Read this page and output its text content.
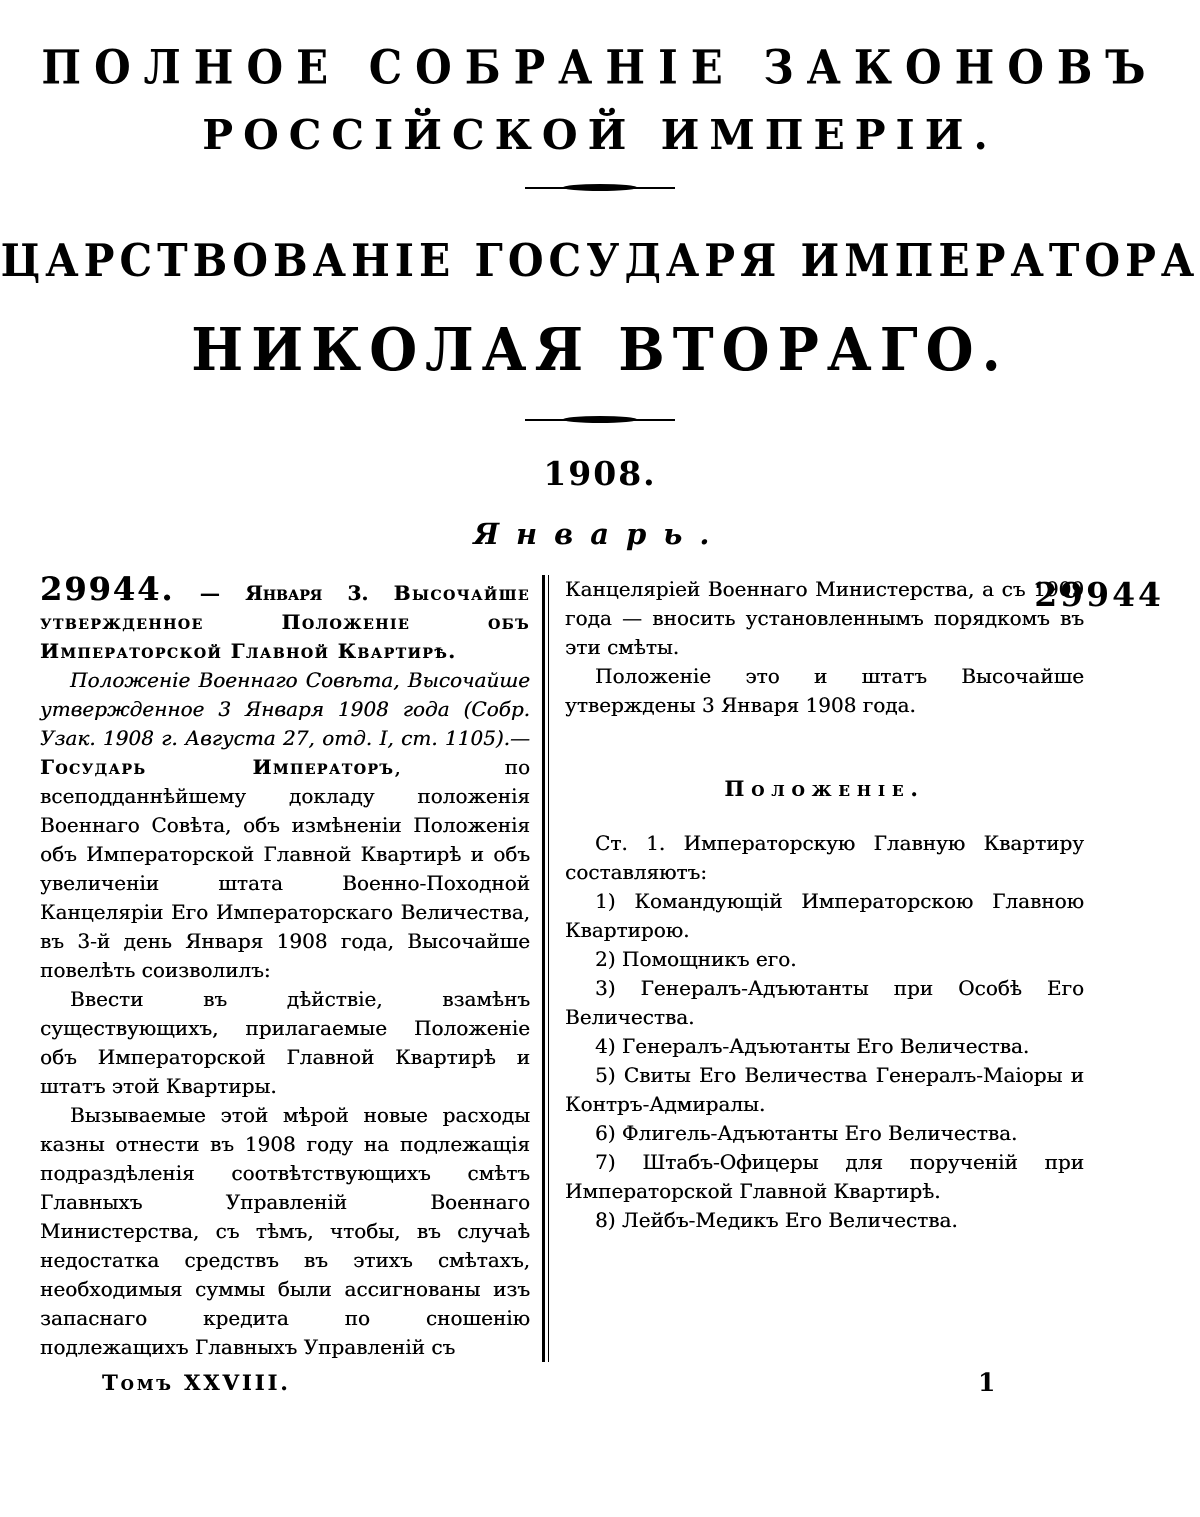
ПОЛНОЕ СОБРАНІЕ ЗАКОНОВЪ
РОССІЙСКОЙ ИМПЕРІИ.
ЦАРСТВОВАНІЕ ГОСУДАРЯ ИМПЕРАТОРА
НИКОЛАЯ ВТОРАГО.
1908.
Январь.
29944

29944. — Января 3. Высочайше утвержденное Положеніе объ Императорской Главной Квартирѣ.

Положеніе Военнаго Совѣта, Высочайше утвержденное 3 Января 1908 года (Собр. Узак. 1908 г. Августа 27, отд. I, ст. 1105).—Государь Императоръ, по всеподданнѣйшему докладу положенія Военнаго Совѣта, объ измѣненіи Положенія объ Императорской Главной Квартирѣ и объ увеличеніи штата Военно-Походной Канцеляріи Его Императорскаго Величества, въ 3-й день Января 1908 года, Высочайше повелѣть соизволилъ:

Ввести въ дѣйствіе, взамѣнъ существующихъ, прилагаемые Положеніе объ Императорской Главной Квартирѣ и штатъ этой Квартиры.

Вызываемые этой мѣрой новые расходы казны отнести въ 1908 году на подлежащія подраздѣленія соотвѣтствующихъ смѣтъ Главныхъ Управленій Военнаго Министерства, съ тѣмъ, чтобы, въ случаѣ недостатка средствъ въ этихъ смѣтахъ, необходимыя суммы были ассигнованы изъ запаснаго кредита по сношенію подлежащихъ Главныхъ Управленій съ

Канцеляріей Военнаго Министерства, а съ 1909 года — вносить установленнымъ порядкомъ въ эти смѣты.

Положеніе это и штатъ Высочайше утверждены 3 Января 1908 года.

Положеніе.

Ст. 1. Императорскую Главную Квартиру составляютъ:

1) Командующій Императорскою Главною Квартирою.
2) Помощникъ его.
3) Генералъ-Адъютанты при Особѣ Его Величества.
4) Генералъ-Адъютанты Его Величества.
5) Свиты Его Величества Генералъ-Маіоры и Контръ-Адмиралы.
6) Флигель-Адъютанты Его Величества.
7) Штабъ-Офицеры для порученій при Императорской Главной Квартирѣ.
8) Лейбъ-Медикъ Его Величества.
Томъ XXVIII.	1
